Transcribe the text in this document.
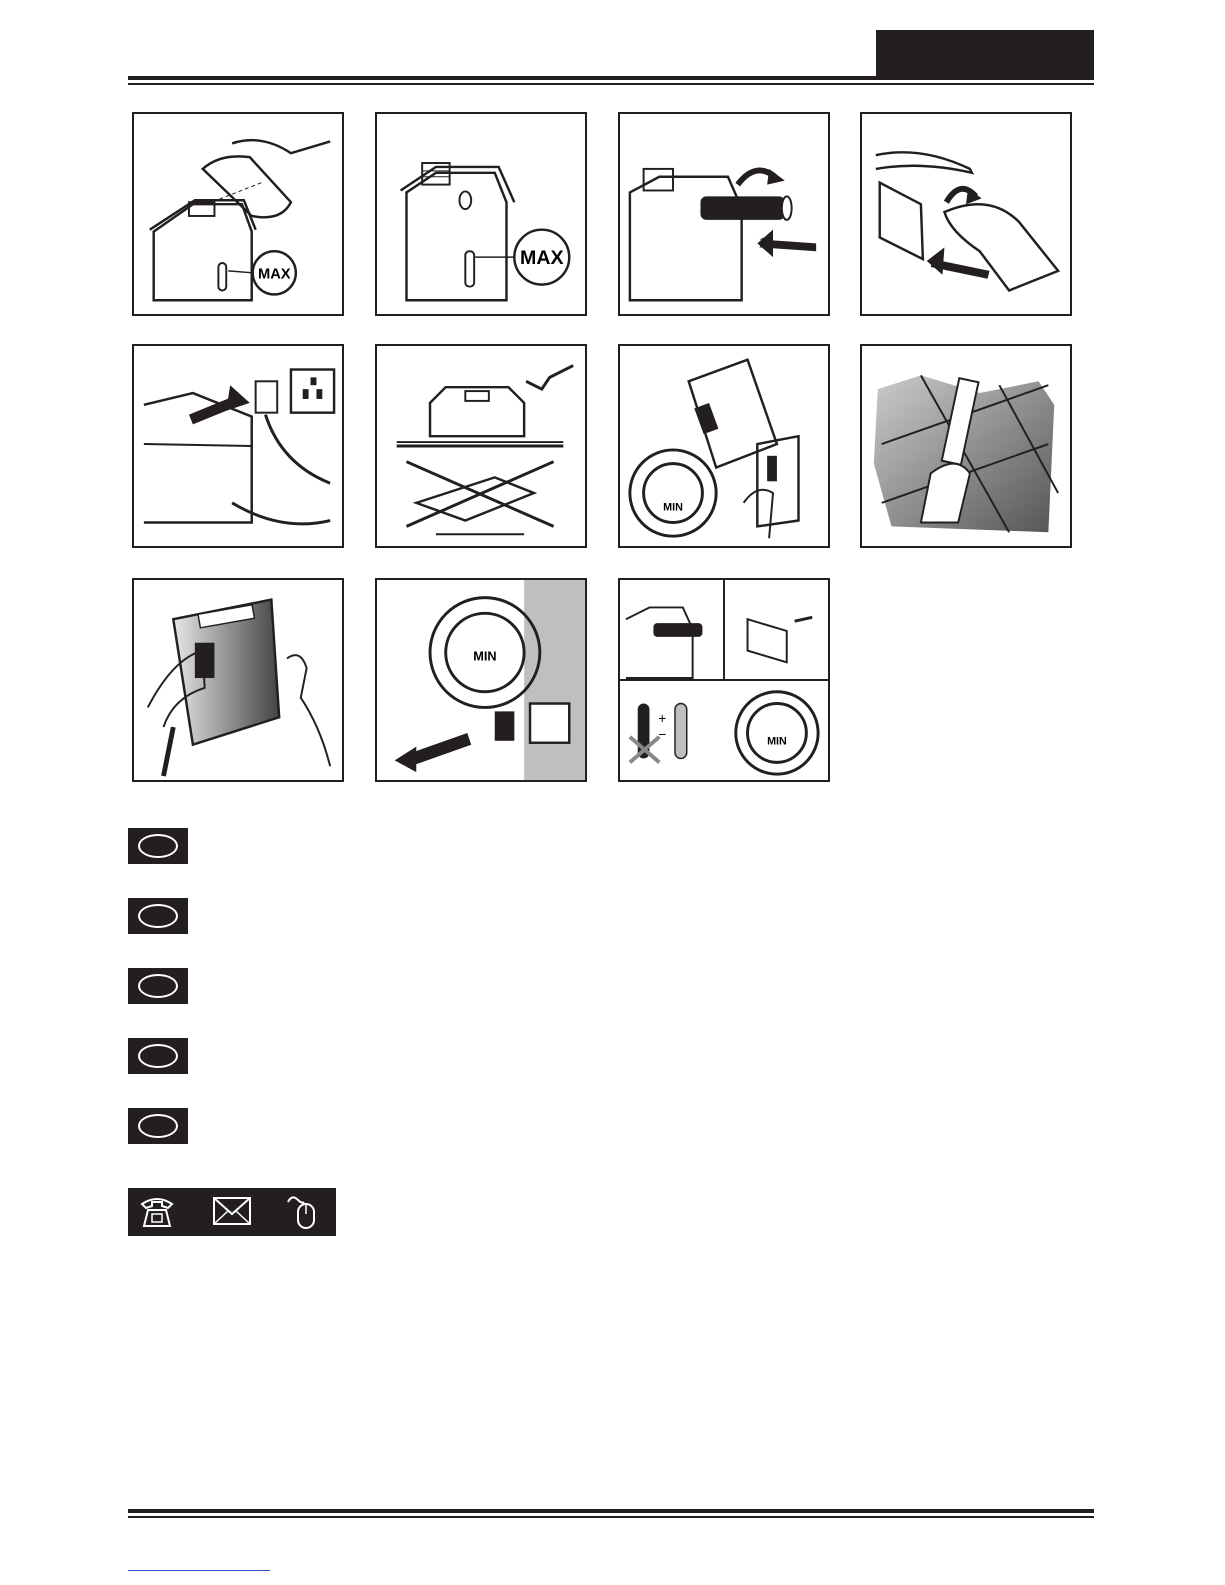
MAX
MAX
MIN
MIN
+
−	MIN
